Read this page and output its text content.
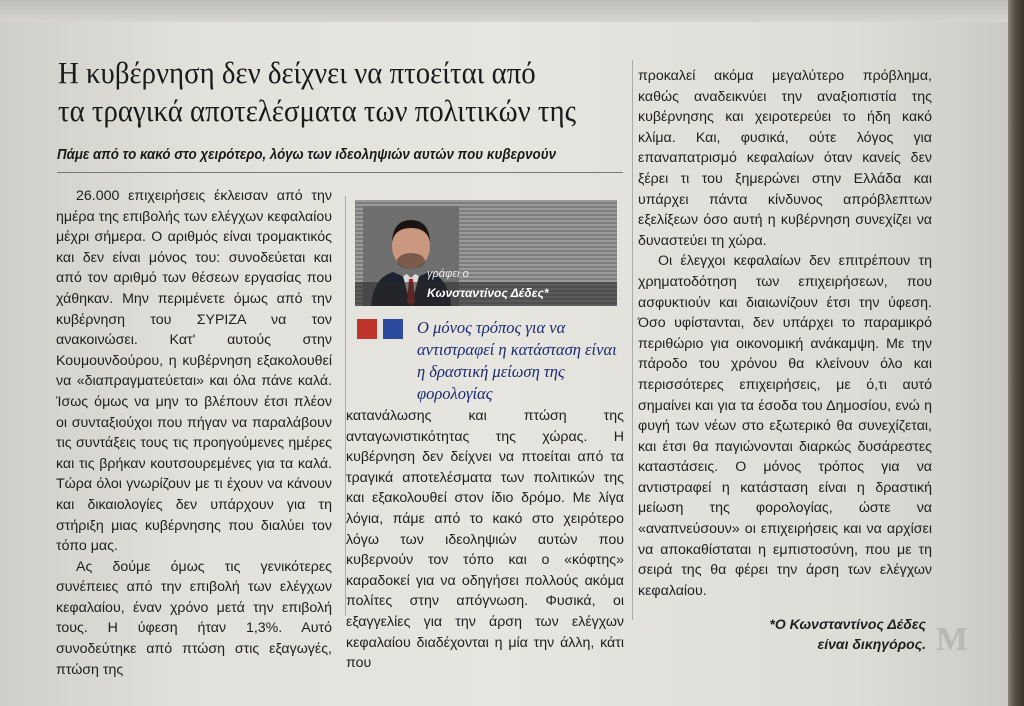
Η κυβέρνηση δεν δείχνει να πτοείται από
τα τραγικά αποτελέσματα των πολιτικών της
Πάμε από το κακό στο χειρότερο, λόγω των ιδεοληψιών αυτών που κυβερνούν

26.000 επιχειρήσεις έκλεισαν από την ημέρα της επιβολής των ελέγχων κεφαλαίου μέχρι σήμερα. Ο αριθμός είναι τρομακτικός και δεν είναι μόνος του: συνοδεύεται και από τον αριθμό των θέσεων εργασίας που χάθηκαν. Μην περιμένετε όμως από την κυβέρνηση του ΣΥΡΙΖΑ να τον ανακοινώσει. Κατ' αυτούς στην Κουμουνδούρου, η κυβέρνηση εξακολουθεί να «διαπραγματεύεται» και όλα πάνε καλά. Ίσως όμως να μην το βλέπουν έτσι πλέον οι συνταξιούχοι που πήγαν να παραλάβουν τις συντάξεις τους τις προηγούμενες ημέρες και τις βρήκαν κουτσουρεμένες για τα καλά. Τώρα όλοι γνωρίζουν με τι έχουν να κάνουν και δικαιολογίες δεν υπάρχουν για τη στήριξη μιας κυβέρνησης που διαλύει τον τόπο μας.

Ας δούμε όμως τις γενικότερες συνέπειες από την επιβολή των ελέγχων κεφαλαίου, έναν χρόνο μετά την επιβολή τους. Η ύφεση ήταν 1,3%. Αυτό συνοδεύτηκε από πτώση στις εξαγωγές, πτώση της

γράφει ο
Κωνσταντίνος Δέδες*
Ο μόνος τρόπος για να αντιστραφεί η κατάσταση είναι η δραστική μείωση της φορολογίας

κατανάλωσης και πτώση της ανταγωνιστικότητας της χώρας. Η κυβέρνηση δεν δείχνει να πτοείται από τα τραγικά αποτελέσματα των πολιτικών της και εξακολουθεί στον ίδιο δρόμο. Με λίγα λόγια, πάμε από το κακό στο χειρότερο λόγω των ιδεοληψιών αυτών που κυβερνούν τον τόπο και ο «κόφτης» καραδοκεί για να οδηγήσει πολλούς ακόμα πολίτες στην απόγνωση. Φυσικά, οι εξαγγελίες για την άρση των ελέγχων κεφαλαίου διαδέχονται η μία την άλλη, κάτι που

προκαλεί ακόμα μεγαλύτερο πρόβλημα, καθώς αναδεικνύει την αναξιοπιστία της κυβέρνησης και χειροτερεύει το ήδη κακό κλίμα. Και, φυσικά, ούτε λόγος για επαναπατρισμό κεφαλαίων όταν κανείς δεν ξέρει τι του ξημερώνει στην Ελλάδα και υπάρχει πάντα κίνδυνος απρόβλεπτων εξελίξεων όσο αυτή η κυβέρνηση συνεχίζει να δυναστεύει τη χώρα.

Οι έλεγχοι κεφαλαίων δεν επιτρέπουν τη χρηματοδότηση των επιχειρήσεων, που ασφυκτιούν και διαιωνίζουν έτσι την ύφεση. Όσο υφίστανται, δεν υπάρχει το παραμικρό περιθώριο για οικονομική ανάκαμψη. Με την πάροδο του χρόνου θα κλείνουν όλο και περισσότερες επιχειρήσεις, με ό,τι αυτό σημαίνει και για τα έσοδα του Δημοσίου, ενώ η φυγή των νέων στο εξωτερικό θα συνεχίζεται, και έτσι θα παγιώνονται διαρκώς δυσάρεστες καταστάσεις. Ο μόνος τρόπος για να αντιστραφεί η κατάσταση είναι η δραστική μείωση της φορολογίας, ώστε να «αναπνεύσουν» οι επιχειρήσεις και να αρχίσει να αποκαθίσταται η εμπιστοσύνη, που με τη σειρά της θα φέρει την άρση των ελέγχων κεφαλαίου.

*Ο Κωνσταντίνος Δέδες
είναι δικηγόρος. M
